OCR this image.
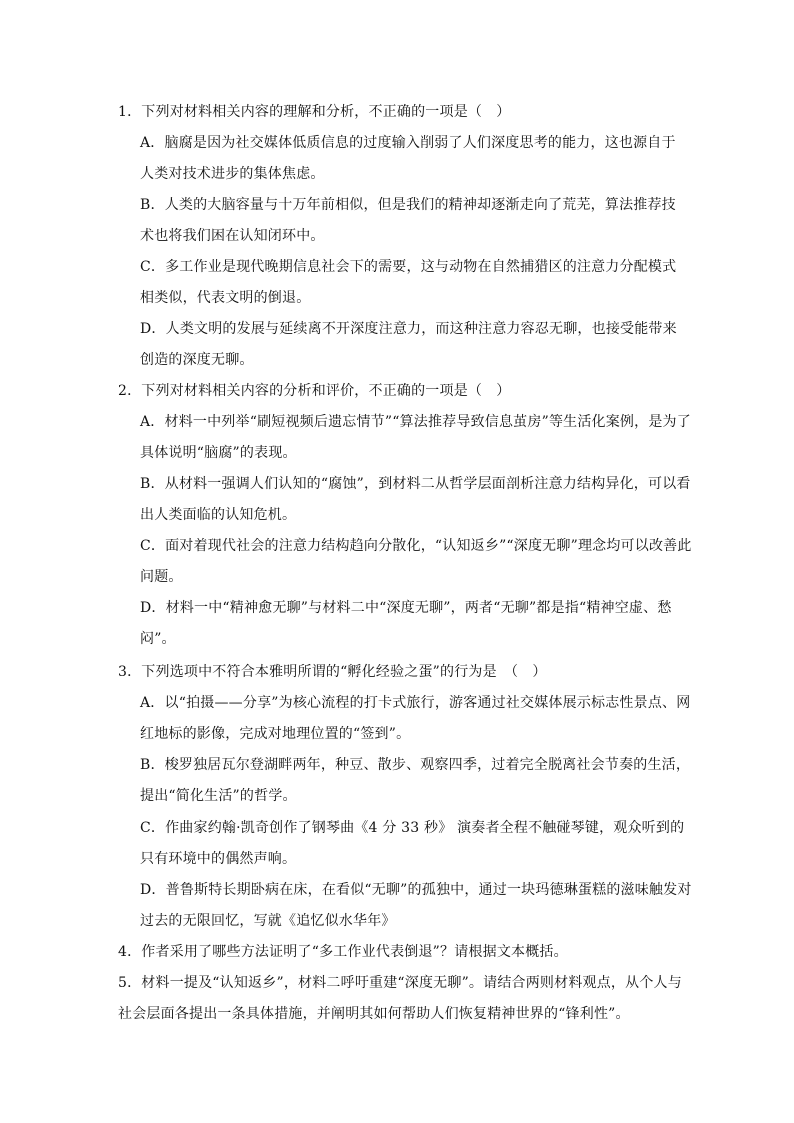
1．下列对材料相关内容的理解和分析，不正确的一项是（　）
A．脑腐是因为社交媒体低质信息的过度输入削弱了人们深度思考的能力，这也源自于
人类对技术进步的集体焦虑。
B．人类的大脑容量与十万年前相似，但是我们的精神却逐渐走向了荒芜，算法推荐技
术也将我们困在认知闭环中。
C．多工作业是现代晚期信息社会下的需要，这与动物在自然捕猎区的注意力分配模式
相类似，代表文明的倒退。
D．人类文明的发展与延续离不开深度注意力，而这种注意力容忍无聊，也接受能带来
创造的深度无聊。
2．下列对材料相关内容的分析和评价，不正确的一项是（　）
A．材料一中列举“刷短视频后遗忘情节”“算法推荐导致信息茧房”等生活化案例，是为了
具体说明“脑腐”的表现。
B．从材料一强调人们认知的“腐蚀”，到材料二从哲学层面剖析注意力结构异化，可以看
出人类面临的认知危机。
C．面对着现代社会的注意力结构趋向分散化，“认知返乡”“深度无聊”理念均可以改善此
问题。
D．材料一中“精神愈无聊”与材料二中“深度无聊”，两者“无聊”都是指“精神空虚、愁
闷”。
3．下列选项中不符合本雅明所谓的“孵化经验之蛋”的行为是　（　）
A．以“拍摄——分享”为核心流程的打卡式旅行，游客通过社交媒体展示标志性景点、网
红地标的影像，完成对地理位置的“签到”。
B．梭罗独居瓦尔登湖畔两年，种豆、散步、观察四季，过着完全脱离社会节奏的生活，
提出“简化生活”的哲学。
C．作曲家约翰·凯奇创作了钢琴曲《4 分 33 秒》 演奏者全程不触碰琴键，观众听到的
只有环境中的偶然声响。
D．普鲁斯特长期卧病在床，在看似“无聊”的孤独中，通过一块玛德琳蛋糕的滋味触发对
过去的无限回忆，写就《追忆似水华年》
4．作者采用了哪些方法证明了“多工作业代表倒退”？请根据文本概括。
5．材料一提及“认知返乡”，材料二呼吁重建“深度无聊”。请结合两则材料观点，从个人与
社会层面各提出一条具体措施，并阐明其如何帮助人们恢复精神世界的“锋利性”。
